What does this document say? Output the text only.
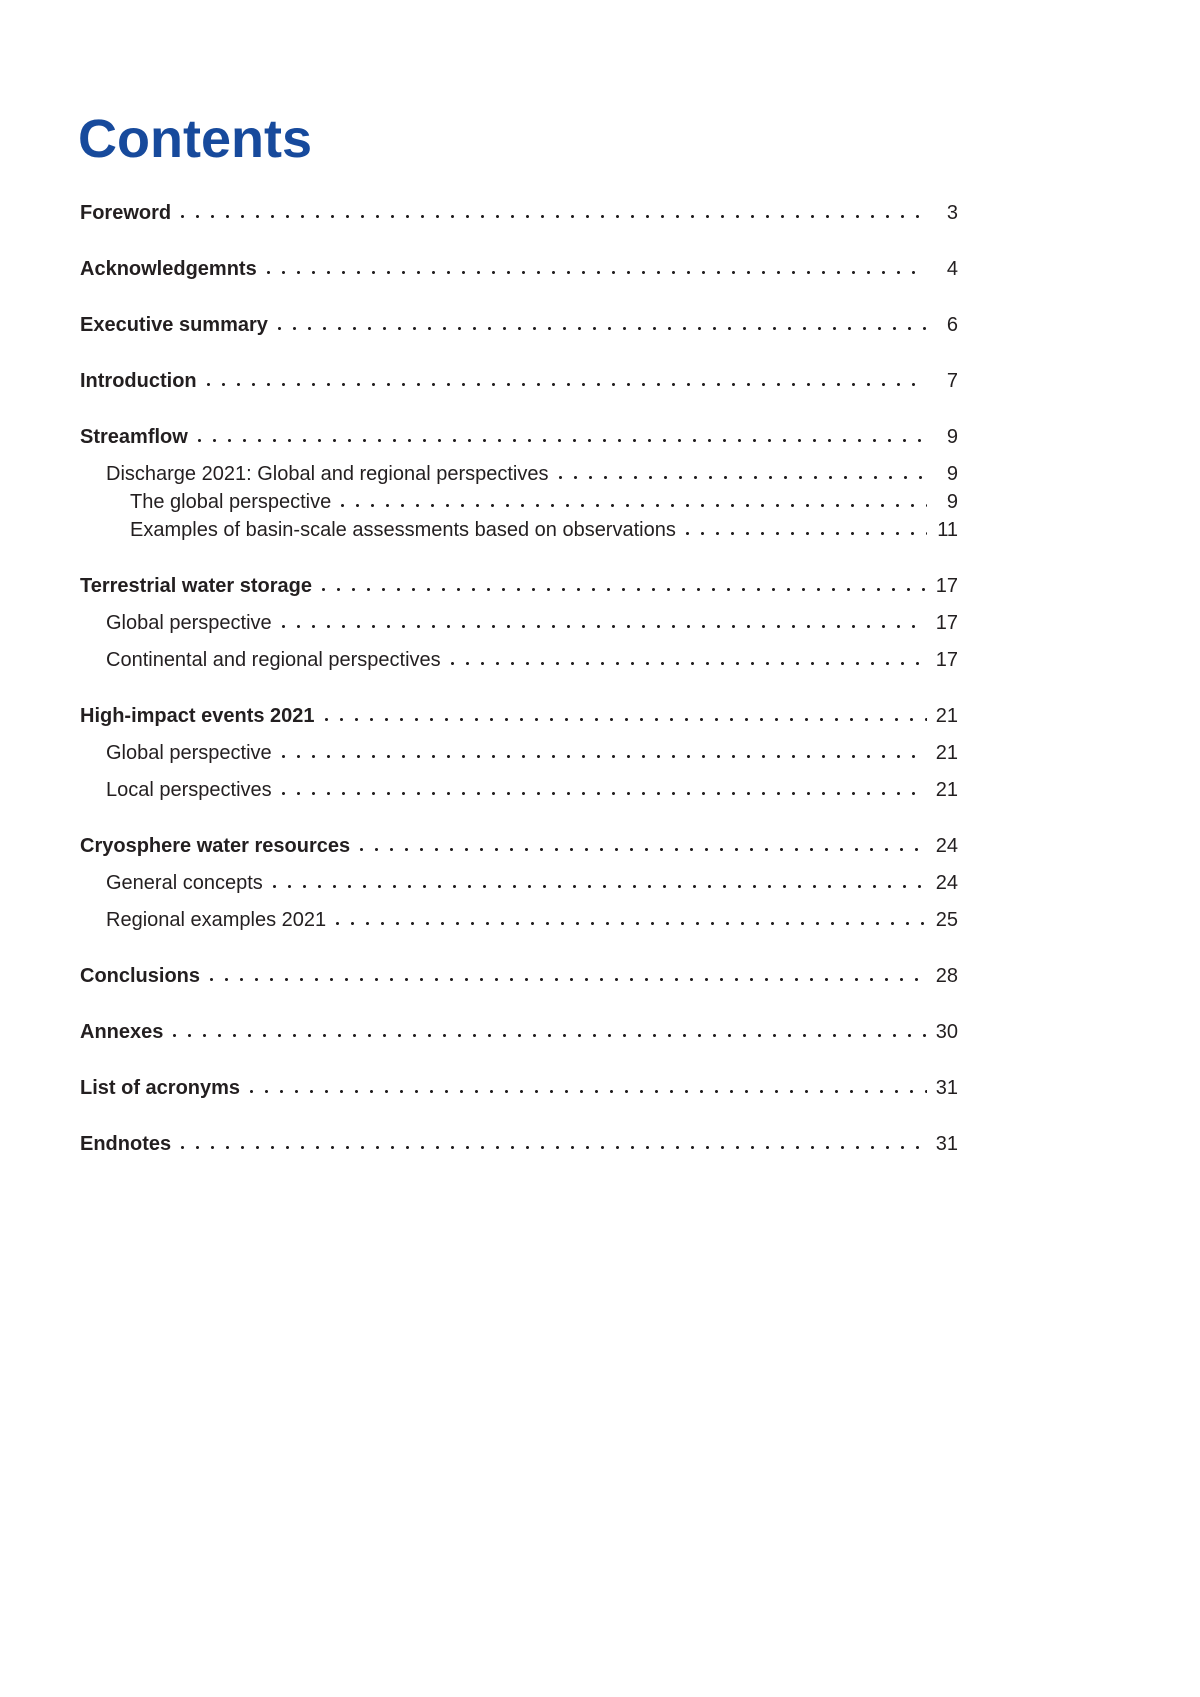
Contents
Foreword	3
Acknowledgemnts	4
Executive summary	6
Introduction	7
Streamflow	9
Discharge 2021: Global and regional perspectives	9
The global perspective	9
Examples of basin-scale assessments based on observations	11
Terrestrial water storage	17
Global perspective	17
Continental and regional perspectives	17
High-impact events 2021	21
Global perspective	21
Local perspectives	21
Cryosphere water resources	24
General concepts	24
Regional examples 2021	25
Conclusions	28
Annexes	30
List of acronyms	31
Endnotes	31
